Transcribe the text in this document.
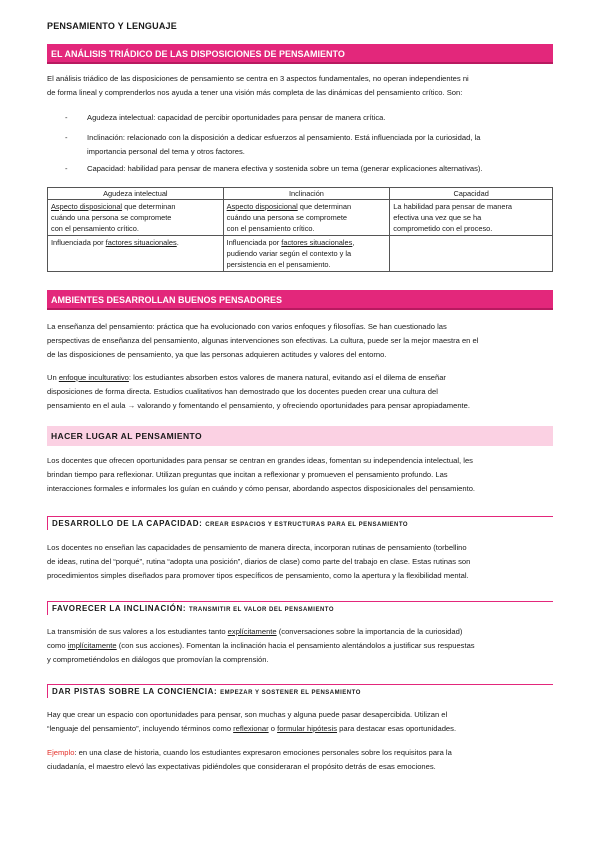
PENSAMIENTO Y LENGUAJE
EL ANÁLISIS TRIÁDICO DE LAS DISPOSICIONES DE PENSAMIENTO
El análisis triádico de las disposiciones de pensamiento se centra en 3 aspectos fundamentales, no operan independientes ni
de forma lineal y comprenderlos nos ayuda a tener una visión más completa de las dinámicas del pensamiento crítico. Son:
-	Agudeza intelectual: capacidad de percibir oportunidades para pensar de manera crítica.
-	Inclinación: relacionado con la disposición a dedicar esfuerzos al pensamiento. Está influenciada por la curiosidad, la
importancia personal del tema y otros factores.
-	Capacidad: habilidad para pensar de manera efectiva y sostenida sobre un tema (generar explicaciones alternativas).
Agudeza intelectual	Inclinación	Capacidad
Aspecto disposicional que determinan
cuándo una persona se compromete
con el pensamiento crítico.	Aspecto disposicional que determinan
cuándo una persona se compromete
con el pensamiento crítico.	La habilidad para pensar de manera
efectiva una vez que se ha
comprometido con el proceso.
Influenciada por factores situacionales.	Influenciada por factores situacionales,
pudiendo variar según el contexto y la
persistencia en el pensamiento.	
AMBIENTES DESARROLLAN BUENOS PENSADORES
La enseñanza del pensamiento: práctica que ha evolucionado con varios enfoques y filosofías. Se han cuestionado las
perspectivas de enseñanza del pensamiento, algunas intervenciones son efectivas. La cultura, puede ser la mejor maestra en el
de las disposiciones de pensamiento, ya que las personas adquieren actitudes y valores del entorno.
Un enfoque inculturativo: los estudiantes absorben estos valores de manera natural, evitando así el dilema de enseñar
disposiciones de forma directa. Estudios cualitativos han demostrado que los docentes pueden crear una cultura del
pensamiento en el aula → valorando y fomentando el pensamiento, y ofreciendo oportunidades para pensar apropiadamente.
HACER LUGAR AL PENSAMIENTO
Los docentes que ofrecen oportunidades para pensar se centran en grandes ideas, fomentan su independencia intelectual, les
brindan tiempo para reflexionar. Utilizan preguntas que incitan a reflexionar y promueven el pensamiento profundo. Las
interacciones formales e informales los guían en cuándo y cómo pensar, abordando aspectos disposicionales del pensamiento.
DESARROLLO DE LA CAPACIDAD: CREAR ESPACIOS Y ESTRUCTURAS PARA EL PENSAMIENTO
Los docentes no enseñan las capacidades de pensamiento de manera directa, incorporan rutinas de pensamiento (torbellino
de ideas, rutina del “porqué”, rutina “adopta una posición”, diarios de clase) como parte del trabajo en clase. Estas rutinas son
procedimientos simples diseñados para promover tipos específicos de pensamiento, como la apertura y la flexibilidad mental.
FAVORECER LA INCLINACIÓN: TRANSMITIR EL VALOR DEL PENSAMIENTO
La transmisión de sus valores a los estudiantes tanto explícitamente (conversaciones sobre la importancia de la curiosidad)
como implícitamente (con sus acciones). Fomentan la inclinación hacia el pensamiento alentándolos a justificar sus respuestas
y comprometiéndolos en diálogos que promovían la comprensión.
DAR PISTAS SOBRE LA CONCIENCIA: EMPEZAR Y SOSTENER EL PENSAMIENTO
Hay que crear un espacio con oportunidades para pensar, son muchas y alguna puede pasar desapercibida. Utilizan el
“lenguaje del pensamiento”, incluyendo términos como reflexionar o formular hipótesis para destacar esas oportunidades.
Ejemplo: en una clase de historia, cuando los estudiantes expresaron emociones personales sobre los requisitos para la
ciudadanía, el maestro elevó las expectativas pidiéndoles que consideraran el propósito detrás de esas emociones.
